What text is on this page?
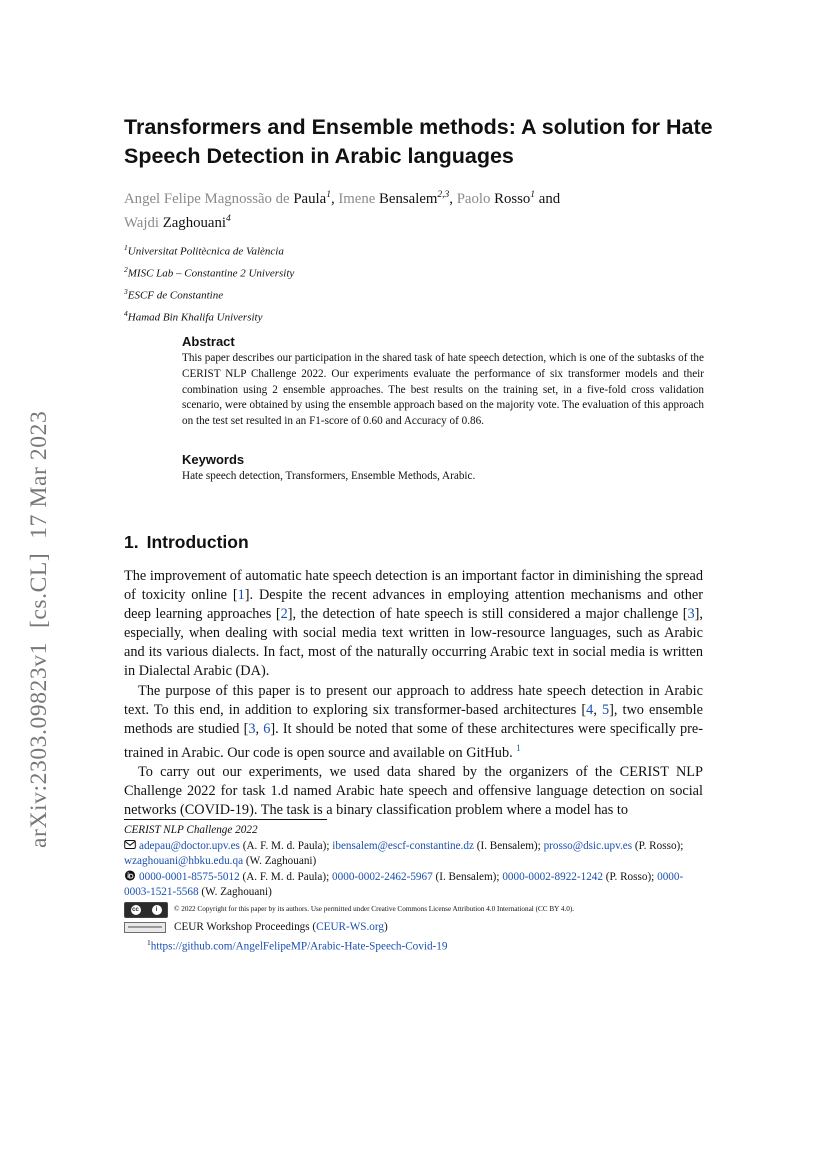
arXiv:2303.09823v1[cs.CL]17 Mar 2023
Transformers and Ensemble methods: A solution for Hate Speech Detection in Arabic languages
Angel Felipe Magnossão de Paula$^1$, Imene Bensalem$^{2,3}$, Paolo Rosso$^1$ and
Wajdi Zaghouani$^4$
$^1$Universitat Politècnica de València
$^2$MISC Lab – Constantine 2 University
$^3$ESCF de Constantine
$^4$Hamad Bin Khalifa University
Abstract

This paper describes our participation in the shared task of hate speech detection, which is one of the subtasks of the CERIST NLP Challenge 2022. Our experiments evaluate the performance of six transformer models and their combination using 2 ensemble approaches. The best results on the training set, in a five-fold cross validation scenario, were obtained by using the ensemble approach based on the majority vote. The evaluation of this approach on the test set resulted in an F1-score of 0.60 and Accuracy of 0.86.

Keywords

Hate speech detection, Transformers, Ensemble Methods, Arabic.

1. Introduction

The improvement of automatic hate speech detection is an important factor in diminishing the spread of toxicity online [1]. Despite the recent advances in employing attention mechanisms and other deep learning approaches [2], the detection of hate speech is still considered a major challenge [3], especially, when dealing with social media text written in low-resource languages, such as Arabic and its various dialects. In fact, most of the naturally occurring Arabic text in social media is written in Dialectal Arabic (DA).

The purpose of this paper is to present our approach to address hate speech detection in Arabic text. To this end, in addition to exploring six transformer-based architectures [4, 5], two ensemble methods are studied [3, 6]. It should be noted that some of these architectures were specifically pre-trained in Arabic. Our code is open source and available on GitHub. $^1$

To carry out our experiments, we used data shared by the organizers of the CERIST NLP Challenge 2022 for task 1.d named Arabic hate speech and offensive language detection on social networks (COVID-19). The task is a binary classification problem where a model has to

CERIST NLP Challenge 2022

adepau@doctor.upv.es (A. F. M. d. Paula); ibensalem@escf-constantine.dz (I. Bensalem); prosso@dsic.upv.es (P. Rosso); wzaghouani@hbku.edu.qa (W. Zaghouani)

0000-0001-8575-5012 (A. F. M. d. Paula); 0000-0002-2462-5967 (I. Bensalem); 0000-0002-8922-1242 (P. Rosso); 0000-0003-1521-5568 (W. Zaghouani)

cc	i	© 2022 Copyright for this paper by its authors. Use permitted under Creative Commons License Attribution 4.0 International (CC BY 4.0).
CEUR Workshop Proceedings (CEUR-WS.org)

$^1$https://github.com/AngelFelipeMP/Arabic-Hate-Speech-Covid-19
